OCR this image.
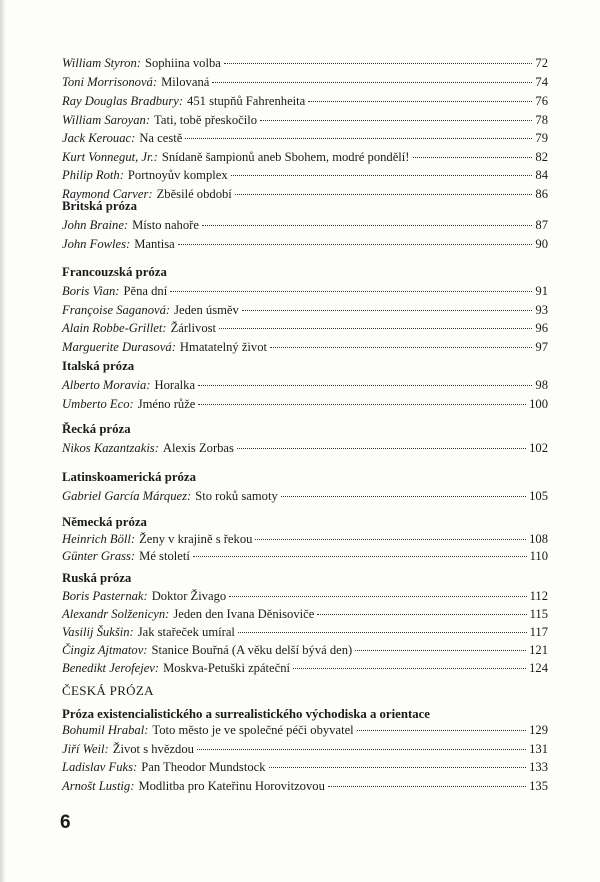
William Styron: Sophiina volba	72
Toni Morrisonová: Milovaná	74
Ray Douglas Bradbury: 451 stupňů Fahrenheita	76
William Saroyan: Tati, tobě přeskočilo	78
Jack Kerouac: Na cestě	79
Kurt Vonnegut, Jr.: Snídaně šampionů aneb Sbohem, modré pondělí!	82
Philip Roth: Portnoyův komplex	84
Raymond Carver: Zběsilé období	86
Britská próza
John Braine: Místo nahoře	87
John Fowles: Mantisa	90
Francouzská próza
Boris Vian: Pěna dní	91
Françoise Saganová: Jeden úsměv	93
Alain Robbe-Grillet: Žárlivost	96
Marguerite Durasová: Hmatatelný život	97
Italská próza
Alberto Moravia: Horalka	98
Umberto Eco: Jméno růže	100
Řecká próza
Nikos Kazantzakis: Alexis Zorbas	102
Latinskoamerická próza
Gabriel García Márquez: Sto roků samoty	105
Německá próza
Heinrich Böll: Ženy v krajině s řekou	108
Günter Grass: Mé století	110
Ruská próza
Boris Pasternak: Doktor Živago	112
Alexandr Solženicyn: Jeden den Ivana Děnisoviče	115
Vasilij Šukšin: Jak stařeček umíral	117
Čingiz Ajtmatov: Stanice Bouřná (A věku delší bývá den)	121
Benedikt Jerofejev: Moskva-Petuški zpáteční	124
Próza existencialistického a surrealistického východiska a orientace
Bohumil Hrabal: Toto město je ve společné péči obyvatel	129
Jiří Weil: Život s hvězdou	131
Ladislav Fuks: Pan Theodor Mundstock	133
Arnošt Lustig: Modlitba pro Kateřinu Horovitzovou	135
ČESKÁ PRÓZA
6
